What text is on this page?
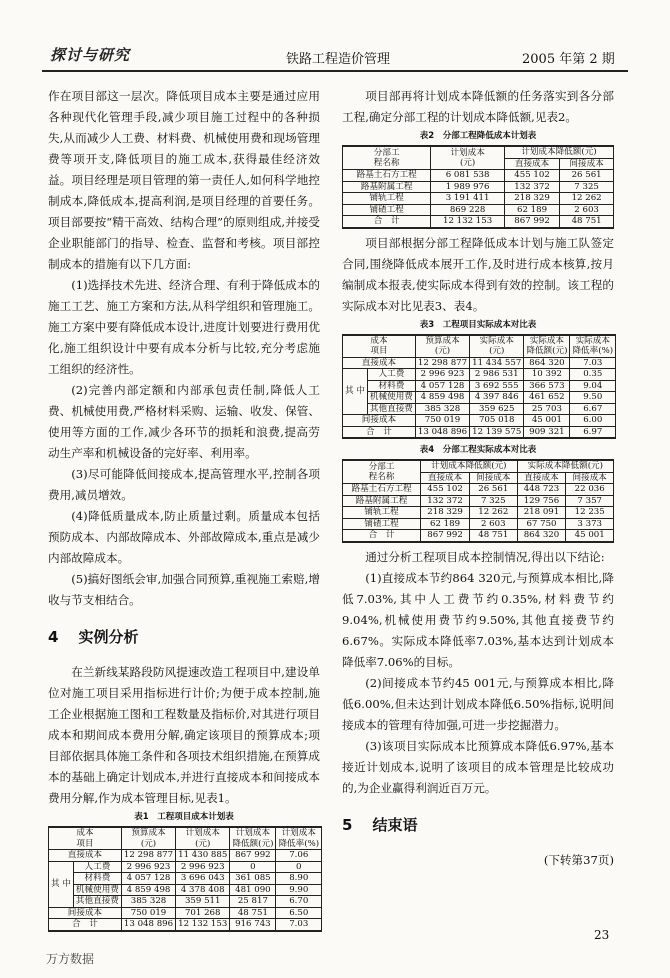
探讨与研究	铁路工程造价管理	2005 年第 2 期

作在项目部这一层次。降低项目成本主要是通过应用各种现代化管理手段,减少项目施工过程中的各种损失,从而减少人工费、材料费、机械使用费和现场管理费等项开支,降低项目的施工成本,获得最佳经济效益。项目经理是项目管理的第一责任人,如何科学地控制成本,降低成本,提高利润,是项目经理的首要任务。项目部要按“精干高效、结构合理”的原则组成,并接受企业职能部门的指导、检查、监督和考核。项目部控制成本的措施有以下几方面:

(1)选择技术先进、经济合理、有利于降低成本的施工工艺、施工方案和方法,从科学组织和管理施工。施工方案中要有降低成本设计,进度计划要进行费用优化,施工组织设计中要有成本分析与比较,充分考虑施工组织的经济性。

(2)完善内部定额和内部承包责任制,降低人工费、机械使用费,严格材料采购、运输、收发、保管、使用等方面的工作,减少各环节的损耗和浪费,提高劳动生产率和机械设备的完好率、利用率。

(3)尽可能降低间接成本,提高管理水平,控制各项费用,减员增效。

(4)降低质量成本,防止质量过剩。质量成本包括预防成本、内部故障成本、外部故障成本,重点是减少内部故障成本。

(5)搞好图纸会审,加强合同预算,重视施工索赔,增收与节支相结合。

4 实例分析

在兰新线某路段防风提速改造工程项目中,建设单位对施工项目采用指标进行计价;为便于成本控制,施工企业根据施工图和工程数量及指标价,对其进行项目成本和期间成本费用分解,确定该项目的预算成本;项目部依据具体施工条件和各项技术组织措施,在预算成本的基础上确定计划成本,并进行直接成本和间接成本费用分解,作为成本管理目标,见表1。

表1　工程项目成本计划表
成本
项目		预算成本
(元)	计划成本
(元)	计划成本
降低额(元)	计划成本
降低率(%)
直接成本		12 298 877	11 430 885	867 992	7.06
其 中	人工费	2 996 923	2 996 923	0	0
	材料费	4 057 128	3 696 043	361 085	8.90
	机械使用费	4 859 498	4 378 408	481 090	9.90
	其他直接费	385 328	359 511	25 817	6.70
间接成本		750 019	701 268	48 751	6.50
合　计		13 048 896	12 132 153	916 743	7.03

项目部再将计划成本降低额的任务落实到各分部工程,确定分部工程的计划成本降低额,见表2。

表2　分部工程降低成本计划表
分部工
程名称	计划成本
(元)	计划成本降低额(元)	
		直接成本	间接成本
路基土石方工程	6 081 538	455 102	26 561
路基附属工程	1 989 976	132 372	7 325
铺轨工程	3 191 411	218 329	12 262
铺碴工程	869 228	62 189	2 603
合　计	12 132 153	867 992	48 751

项目部根据分部工程降低成本计划与施工队签定合同,围绕降低成本展开工作,及时进行成本核算,按月编制成本报表,使实际成本得到有效的控制。该工程的实际成本对比见表3、表4。

表3　工程项目实际成本对比表
成本
项目		预算成本
(元)	实际成本
(元)	实际成本
降低额(元)	实际成本
降低率(%)
直接成本		12 298 877	11 434 557	864 320	7.03
其 中	人工费	2 996 923	2 986 531	10 392	0.35
	材料费	4 057 128	3 692 555	366 573	9.04
	机械使用费	4 859 498	4 397 846	461 652	9.50
	其他直接费	385 328	359 625	25 703	6.67
间接成本		750 019	705 018	45 001	6.00
合　计		13 048 896	12 139 575	909 321	6.97
表4　分部工程实际成本对比表
分部工
程名称	计划成本降低额(元)		实际成本降低额(元)	
	直接成本	间接成本	直接成本	间接成本
路基土石方工程	455 102	26 561	448 723	22 036
路基附属工程	132 372	7 325	129 756	7 357
铺轨工程	218 329	12 262	218 091	12 235
铺碴工程	62 189	2 603	67 750	3 373
合　计	867 992	48 751	864 320	45 001

通过分析工程项目成本控制情况,得出以下结论:

(1)直接成本节约864 320元,与预算成本相比,降低7.03%,其中人工费节约0.35%,材料费节约9.04%,机械使用费节约9.50%,其他直接费节约6.67%。实际成本降低率7.03%,基本达到计划成本降低率7.06%的目标。

(2)间接成本节约45 001元,与预算成本相比,降低6.00%,但未达到计划成本降低6.50%指标,说明间接成本的管理有待加强,可进一步挖掘潜力。

(3)该项目实际成本比预算成本降低6.97%,基本接近计划成本,说明了该项目的成本管理是比较成功的,为企业赢得利润近百万元。

5 结束语
(下转第37页)
23
万方数据
